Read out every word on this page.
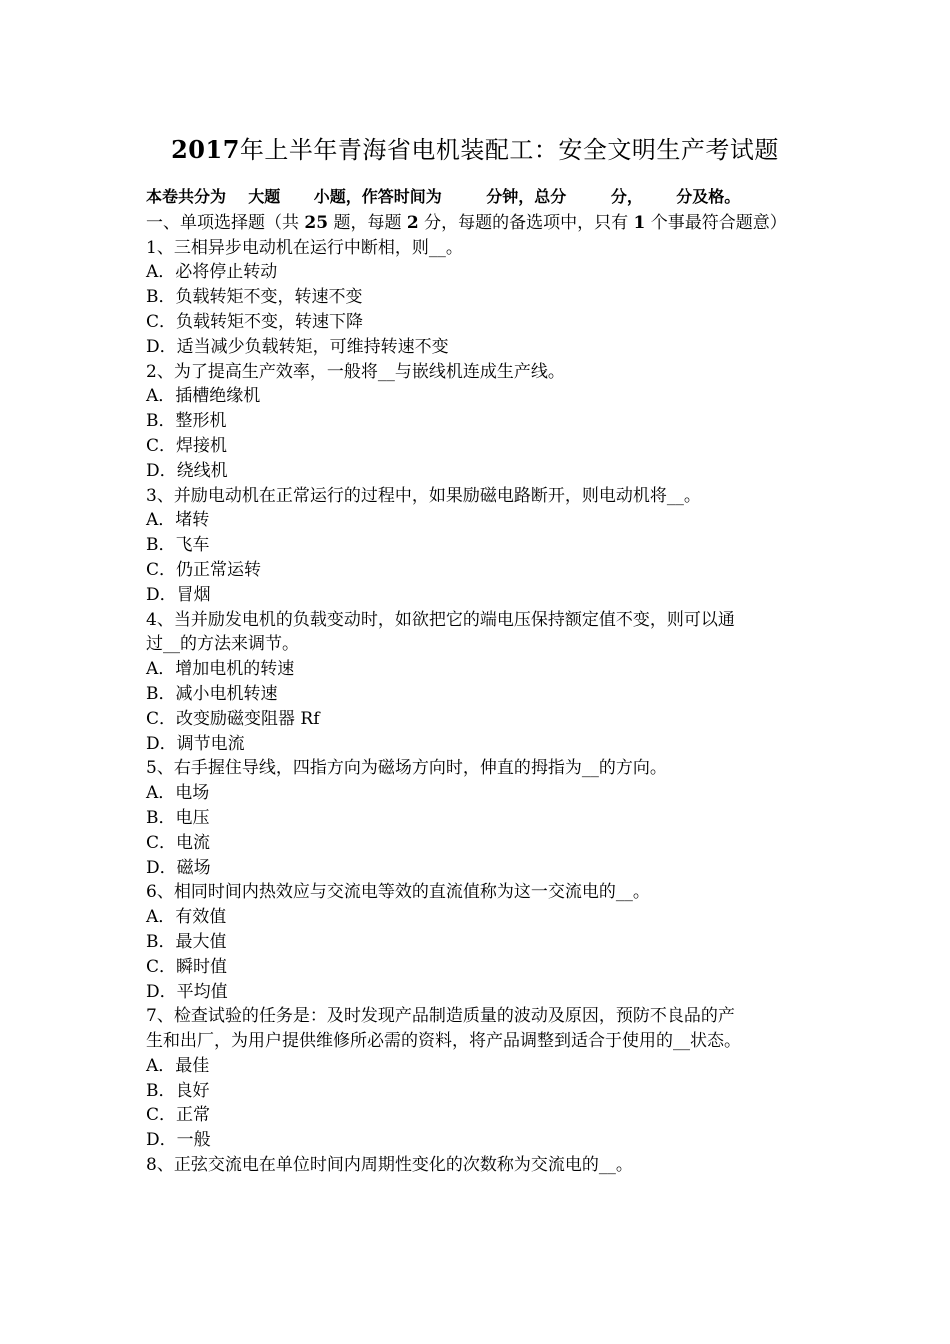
2017年上半年青海省电机装配工：安全文明生产考试题
本卷共分为    大题      小题，作答时间为        分钟，总分        分，      分及格。
一、单项选择题（共 25 题，每题 2 分，每题的备选项中，只有 1 个事最符合题意）
1、三相异步电动机在运行中断相，则__。
A．必将停止转动
B．负载转矩不变，转速不变
C．负载转矩不变，转速下降
D．适当减少负载转矩，可维持转速不变
2、为了提高生产效率，一般将__与嵌线机连成生产线。
A．插槽绝缘机
B．整形机
C．焊接机
D．绕线机
3、并励电动机在正常运行的过程中，如果励磁电路断开，则电动机将__。
A．堵转
B．飞车
C．仍正常运转
D．冒烟
4、当并励发电机的负载变动时，如欲把它的端电压保持额定值不变，则可以通
过__的方法来调节。
A．增加电机的转速
B．减小电机转速
C．改变励磁变阻器 Rf
D．调节电流
5、右手握住导线，四指方向为磁场方向时，伸直的拇指为__的方向。
A．电场
B．电压
C．电流
D．磁场
6、相同时间内热效应与交流电等效的直流值称为这一交流电的__。
A．有效值
B．最大值
C．瞬时值
D．平均值
7、检查试验的任务是：及时发现产品制造质量的波动及原因，预防不良品的产
生和出厂，为用户提供维修所必需的资料，将产品调整到适合于使用的__状态。
A．最佳
B．良好
C．正常
D．一般
8、正弦交流电在单位时间内周期性变化的次数称为交流电的__。
